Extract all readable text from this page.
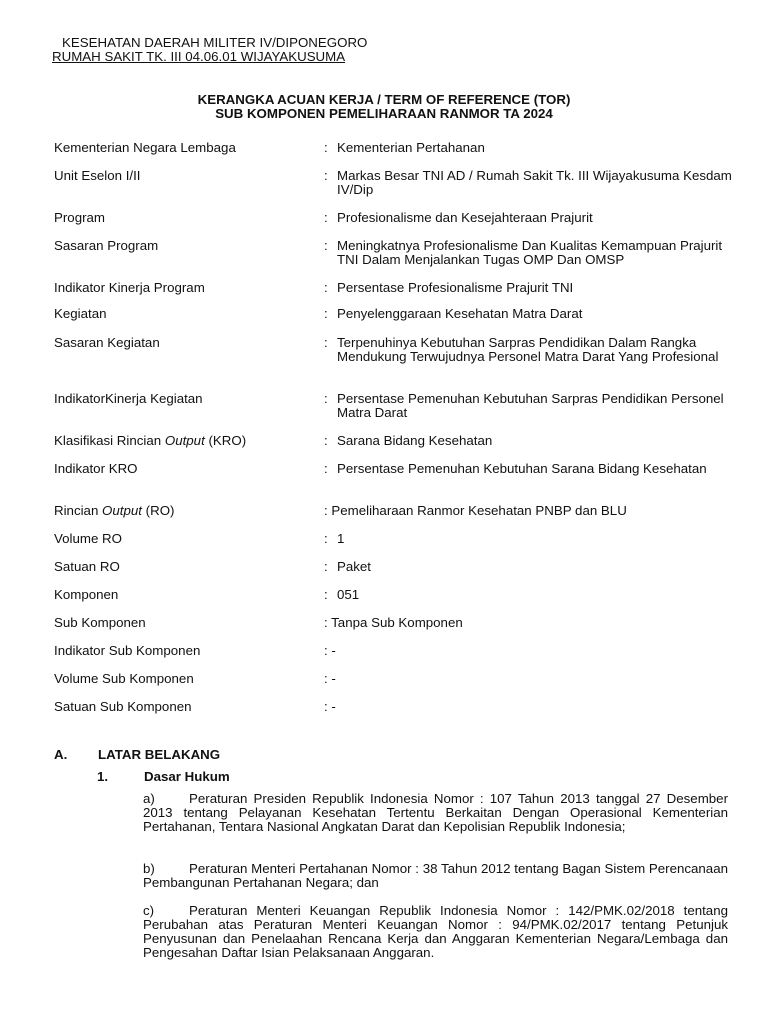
KESEHATAN DAERAH MILITER IV/DIPONEGORO
RUMAH SAKIT TK. III 04.06.01 WIJAYAKUSUMA
KERANGKA ACUAN KERJA / TERM OF REFERENCE (TOR)
SUB KOMPONEN PEMELIHARAAN RANMOR TA 2024
Kementerian Negara Lembaga	: Kementerian Pertahanan
Unit Eselon I/II	: Markas Besar TNI AD / Rumah Sakit Tk. III Wijayakusuma Kesdam IV/Dip
Program	: Profesionalisme dan Kesejahteraan Prajurit
Sasaran Program	: Meningkatnya Profesionalisme Dan Kualitas Kemampuan Prajurit TNI Dalam Menjalankan Tugas OMP Dan OMSP
Indikator Kinerja Program	: Persentase Profesionalisme Prajurit TNI
Kegiatan	: Penyelenggaraan Kesehatan Matra Darat
Sasaran Kegiatan	: Terpenuhinya Kebutuhan Sarpras Pendidikan Dalam Rangka Mendukung Terwujudnya Personel Matra Darat Yang Profesional
IndikatorKinerja Kegiatan	: Persentase Pemenuhan Kebutuhan Sarpras Pendidikan Personel Matra Darat
Klasifikasi Rincian Output (KRO)	: Sarana Bidang Kesehatan
Indikator KRO	: Persentase Pemenuhan Kebutuhan Sarana Bidang Kesehatan
Rincian Output (RO)	: Pemeliharaan Ranmor Kesehatan PNBP dan BLU
Volume RO	: 1
Satuan RO	: Paket
Komponen	: 051
Sub Komponen	: Tanpa Sub Komponen
Indikator Sub Komponen	: -
Volume Sub Komponen	: -
Satuan Sub Komponen	: -
A. LATAR BELAKANG
1.	Dasar Hukum
a)	Peraturan Presiden Republik Indonesia Nomor : 107 Tahun 2013 tanggal 27 Desember 2013 tentang Pelayanan Kesehatan Tertentu Berkaitan Dengan Operasional Kementerian Pertahanan, Tentara Nasional Angkatan Darat dan Kepolisian Republik Indonesia;
b)	Peraturan Menteri Pertahanan Nomor : 38 Tahun 2012 tentang Bagan Sistem Perencanaan Pembangunan Pertahanan Negara; dan
c)	Peraturan Menteri Keuangan Republik Indonesia Nomor : 142/PMK.02/2018 tentang Perubahan atas Peraturan Menteri Keuangan Nomor : 94/PMK.02/2017 tentang Petunjuk Penyusunan dan Penelaahan Rencana Kerja dan Anggaran Kementerian Negara/Lembaga dan Pengesahan Daftar Isian Pelaksanaan Anggaran.
